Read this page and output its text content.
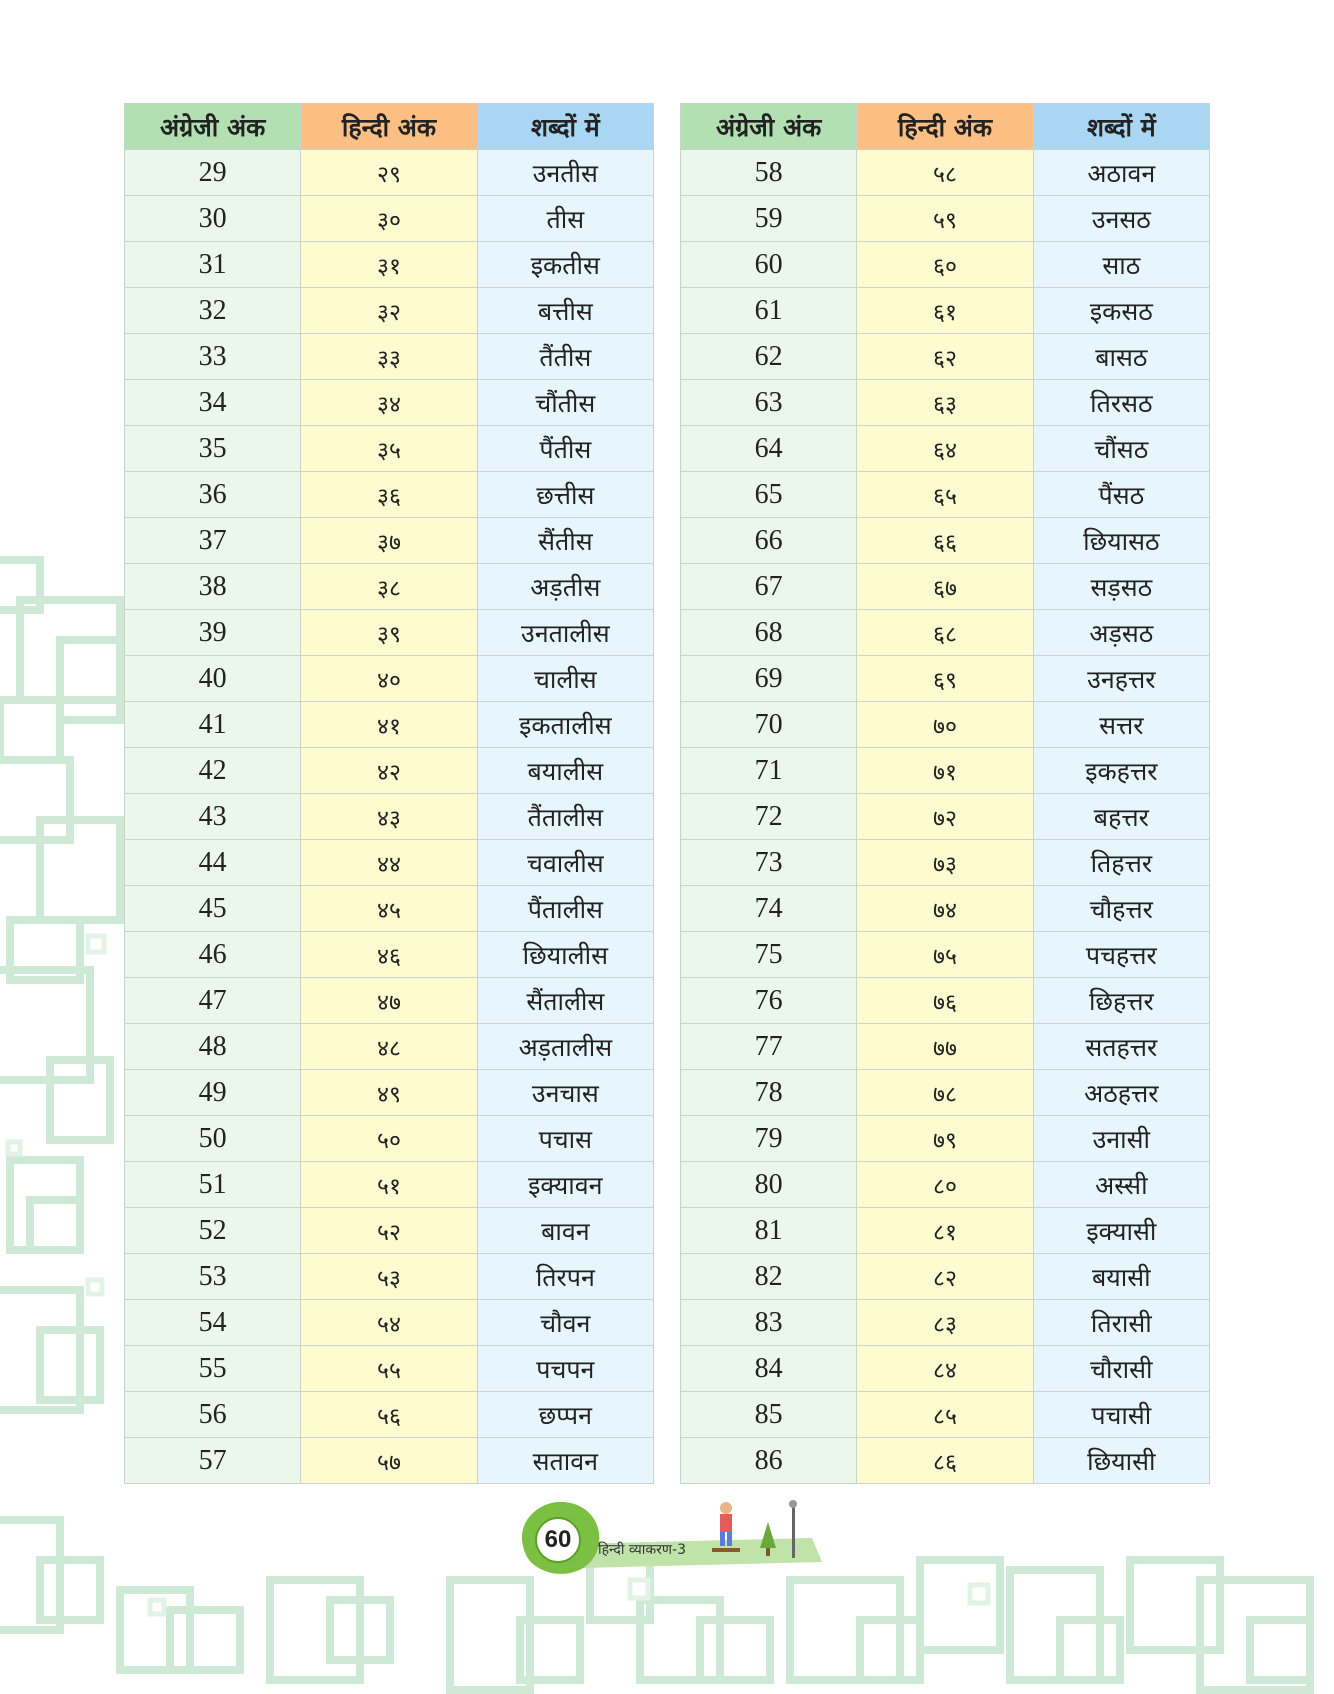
अंग्रेजी अंक	हिन्दी अंक	शब्दों में
29	२९	उनतीस
30	३०	तीस
31	३१	इकतीस
32	३२	बत्तीस
33	३३	तैंतीस
34	३४	चौंतीस
35	३५	पैंतीस
36	३६	छत्तीस
37	३७	सैंतीस
38	३८	अड़तीस
39	३९	उनतालीस
40	४०	चालीस
41	४१	इकतालीस
42	४२	बयालीस
43	४३	तैंतालीस
44	४४	चवालीस
45	४५	पैंतालीस
46	४६	छियालीस
47	४७	सैंतालीस
48	४८	अड़तालीस
49	४९	उनचास
50	५०	पचास
51	५१	इक्यावन
52	५२	बावन
53	५३	तिरपन
54	५४	चौवन
55	५५	पचपन
56	५६	छप्पन
57	५७	सतावन
अंग्रेजी अंक	हिन्दी अंक	शब्दों में
58	५८	अठावन
59	५९	उनसठ
60	६०	साठ
61	६१	इकसठ
62	६२	बासठ
63	६३	तिरसठ
64	६४	चौंसठ
65	६५	पैंसठ
66	६६	छियासठ
67	६७	सड़सठ
68	६८	अड़सठ
69	६९	उनहत्तर
70	७०	सत्तर
71	७१	इकहत्तर
72	७२	बहत्तर
73	७३	तिहत्तर
74	७४	चौहत्तर
75	७५	पचहत्तर
76	७६	छिहत्तर
77	७७	सतहत्तर
78	७८	अठहत्तर
79	७९	उनासी
80	८०	अस्सी
81	८१	इक्यासी
82	८२	बयासी
83	८३	तिरासी
84	८४	चौरासी
85	८५	पचासी
86	८६	छियासी
60	हिन्दी व्याकरण-3
